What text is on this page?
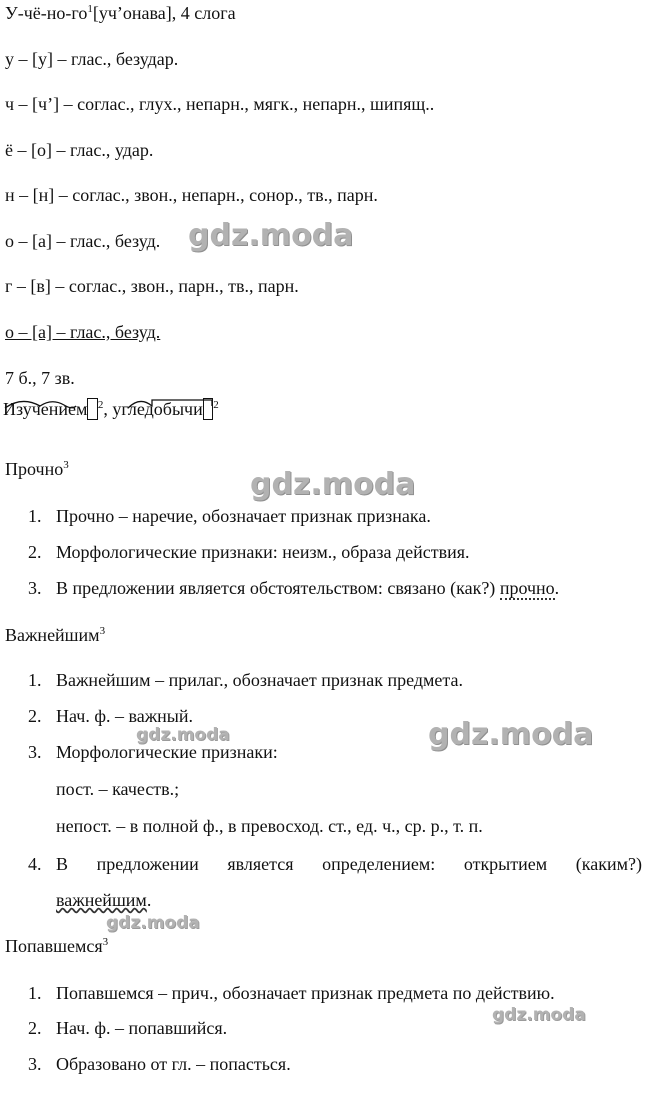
$У-чё-но-го^1[уч’онава]$, 4 слога
у – [у] – глас., безудар.
ч – [ч’] – соглас., глух., непарн., мягк., непарн., шипящ..
ё – [о] – глас., удар.
н – [н] – соглас., звон., непарн., сонор., тв., парн.
о – [а] – глас., безуд.
г – [в] – соглас., звон., парн., тв., парн.
о – [а] – глас., безуд.
7 б., 7 зв.
Изучением $^2$, угледобычи $^2$
Прочно$^3$
1. Прочно – наречие, обозначает признак признака.
2. Морфологические признаки: неизм., образа действия.
3. В предложении является обстоятельством: связано (как?) прочно.
Важнейшим$^3$
1. Важнейшим – прилаг., обозначает признак предмета.
2. Нач. ф. – важный.
3. Морфологические признаки:
пост. – качеств.;
непост. – в полной ф., в превосход. ст., ед. ч., ср. р., т. п.
4. В предложении является определением: открытием (каким?)
важнейшим.
Попавшемся$^3$
1. Попавшемся – прич., обозначает признак предмета по действию.
2. Нач. ф. – попавшийся.
3. Образовано от гл. – попасться.
gdz.moda
gdz.moda
gdz.moda
gdz.moda
gdz.moda
gdz.moda
